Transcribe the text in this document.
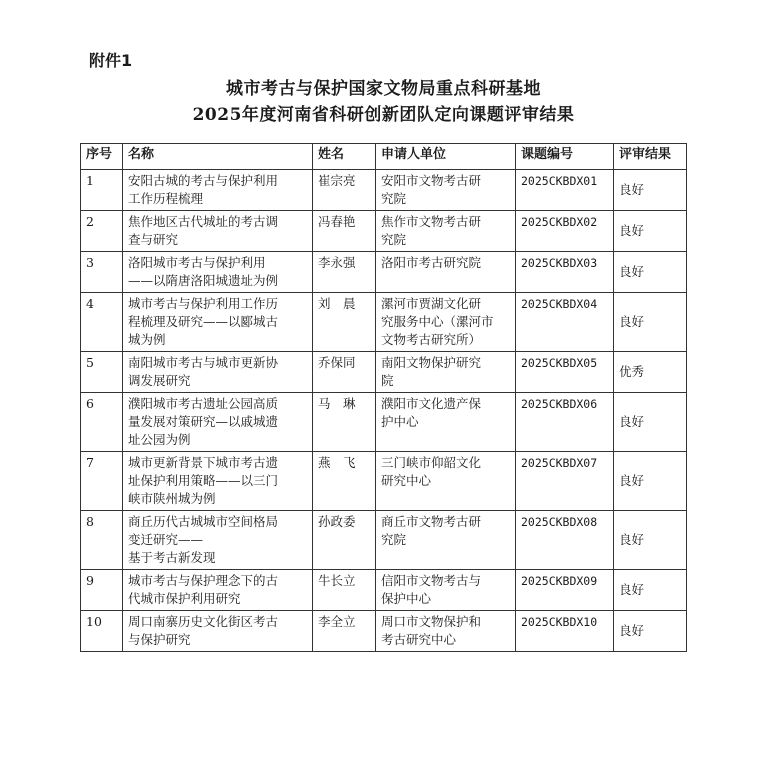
附件1
城市考古与保护国家文物局重点科研基地
2025年度河南省科研创新团队定向课题评审结果
序号	名称	姓名	申请人单位	课题编号	评审结果

1	安阳古城的考古与保护利用
工作历程梳理	崔宗亮	安阳市文物考古研
究院	2025CKBDX01	良好

2	焦作地区古代城址的考古调
查与研究	冯春艳	焦作市文物考古研
究院	2025CKBDX02	良好

3	洛阳城市考古与保护利用
——以隋唐洛阳城遗址为例	李永强	洛阳市考古研究院	2025CKBDX03	良好

4	城市考古与保护利用工作历
程梳理及研究——以郾城古
城为例	刘　晨	漯河市贾湖文化研
究服务中心（漯河市
文物考古研究所）	2025CKBDX04	良好

5	南阳城市考古与城市更新协
调发展研究	乔保同	南阳文物保护研究
院	2025CKBDX05	优秀

6	濮阳城市考古遗址公园高质
量发展对策研究—以戚城遗
址公园为例	马　琳	濮阳市文化遗产保
护中心	2025CKBDX06	良好

7	城市更新背景下城市考古遗
址保护利用策略——以三门
峡市陕州城为例	燕　飞	三门峡市仰韶文化
研究中心	2025CKBDX07	良好

8	商丘历代古城城市空间格局
变迁研究——
基于考古新发现	孙政委	商丘市文物考古研
究院	2025CKBDX08	良好

9	城市考古与保护理念下的古
代城市保护利用研究	牛长立	信阳市文物考古与
保护中心	2025CKBDX09	良好

10	周口南寨历史文化街区考古
与保护研究	李全立	周口市文物保护和
考古研究中心	2025CKBDX10	良好
